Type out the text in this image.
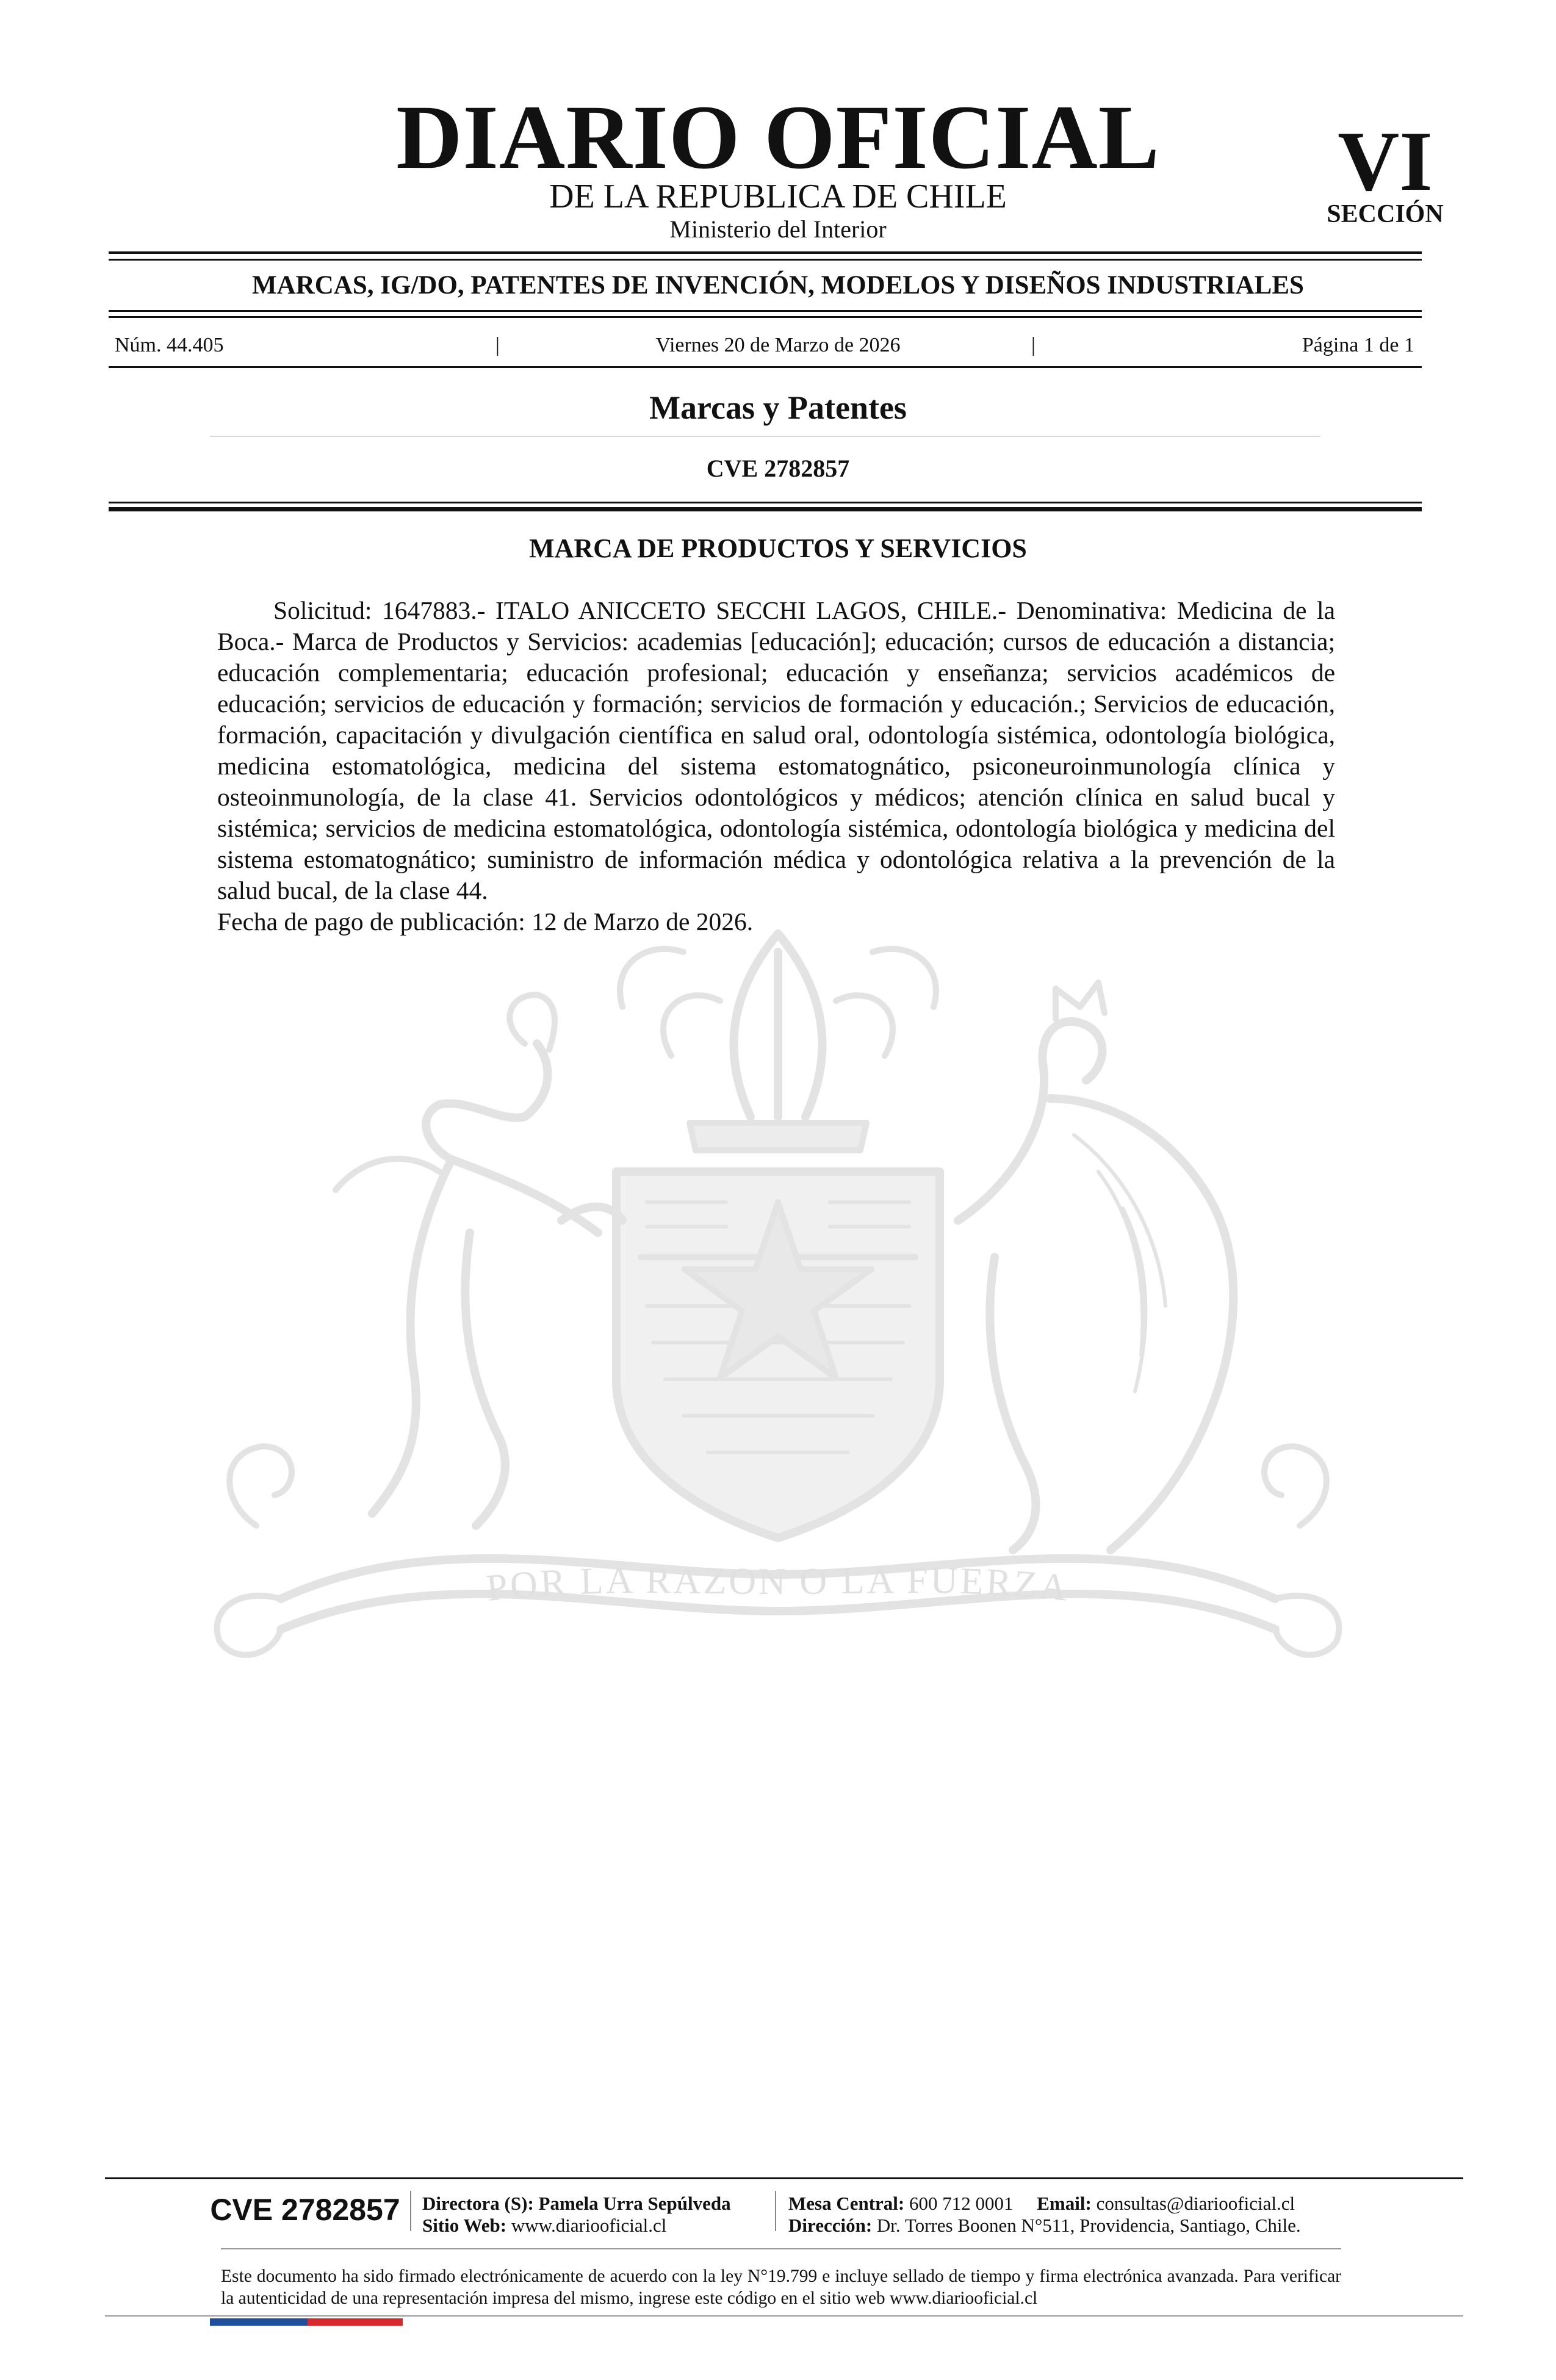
DIARIO OFICIAL
DE LA REPUBLICA DE CHILE
Ministerio del Interior
VI
SECCIÓN
MARCAS, IG/DO, PATENTES DE INVENCIÓN, MODELOS Y DISEÑOS INDUSTRIALES
Núm. 44.405	|	Viernes 20 de Marzo de 2026	|	Página 1 de 1
Marcas y Patentes
CVE 2782857
POR LA RAZON O LA FUERZA
MARCA DE PRODUCTOS Y SERVICIOS

Solicitud: 1647883.- ITALO ANICCETO SECCHI LAGOS, CHILE.- Denominativa: Medicina de la Boca.- Marca de Productos y Servicios: academias [educación]; educación; cursos de educación a distancia; educación complementaria; educación profesional; educación y enseñanza; servicios académicos de educación; servicios de educación y formación; servicios de formación y educación.; Servicios de educación, formación, capacitación y divulgación científica en salud oral, odontología sistémica, odontología biológica, medicina estomatológica, medicina del sistema estomatognático, psiconeuroinmunología clínica y osteoinmunología, de la clase 41. Servicios odontológicos y médicos; atención clínica en salud bucal y sistémica; servicios de medicina estomatológica, odontología sistémica, odontología biológica y medicina del sistema estomatognático; suministro de información médica y odontológica relativa a la prevención de la salud bucal, de la clase 44.

Fecha de pago de publicación: 12 de Marzo de 2026.

CVE 2782857	Directora (S): Pamela Urra Sepúlveda
Sitio Web: www.diariooficial.cl
Mesa Central: 600 712 0001 Email: consultas@diariooficial.cl
Dirección: Dr. Torres Boonen N°511, Providencia, Santiago, Chile.
Este documento ha sido firmado electrónicamente de acuerdo con la ley N°19.799 e incluye sellado de tiempo y firma electrónica avanzada. Para verificar la autenticidad de una representación impresa del mismo, ingrese este código en el sitio web www.diariooficial.cl
